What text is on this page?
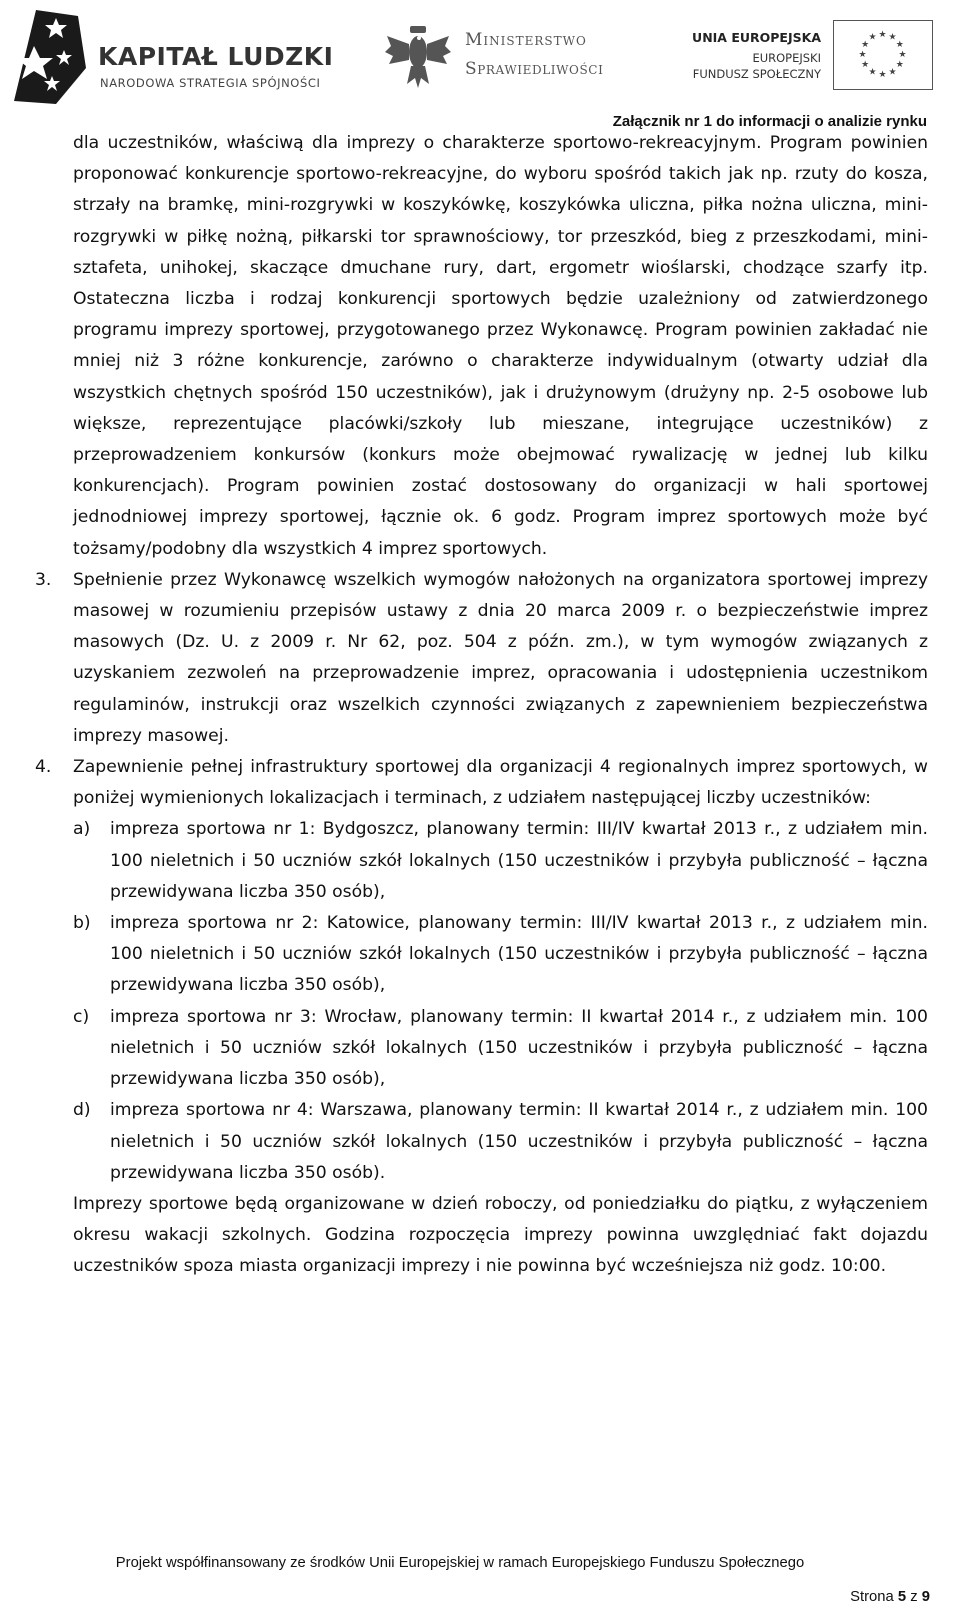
KAPITAŁ LUDZKI
NARODOWA STRATEGIA SPÓJNOŚCI
Ministerstwo
Sprawiedliwości
UNIA EUROPEJSKA
EUROPEJSKI
FUNDUSZ SPOŁECZNY
★ ★
★
★
★
★
★
★
★
★
★
★
Załącznik nr 1 do informacji o analizie rynku

dla uczestników, właściwą dla imprezy o charakterze sportowo-rekreacyjnym. Program powinien proponować konkurencje sportowo-rekreacyjne, do wyboru spośród takich jak np. rzuty do kosza, strzały na bramkę, mini-rozgrywki w koszykówkę, koszykówka uliczna, piłka nożna uliczna, mini-rozgrywki w piłkę nożną, piłkarski tor sprawnościowy, tor przeszkód, bieg z przeszkodami, mini-sztafeta, unihokej, skaczące dmuchane rury, dart, ergometr wioślarski, chodzące szarfy itp. Ostateczna liczba i rodzaj konkurencji sportowych będzie uzależniony od zatwierdzonego programu imprezy sportowej, przygotowanego przez Wykonawcę. Program powinien zakładać nie mniej niż 3 różne konkurencje, zarówno o charakterze indywidualnym (otwarty udział dla wszystkich chętnych spośród 150 uczestników), jak i drużynowym (drużyny np. 2-5 osobowe lub większe, reprezentujące placówki/szkoły lub mieszane, integrujące uczestników) z przeprowadzeniem konkursów (konkurs może obejmować rywalizację w jednej lub kilku konkurencjach). Program powinien zostać dostosowany do organizacji w hali sportowej jednodniowej imprezy sportowej, łącznie ok. 6 godz. Program imprez sportowych może być tożsamy/podobny dla wszystkich 4 imprez sportowych.

3. Spełnienie przez Wykonawcę wszelkich wymogów nałożonych na organizatora sportowej imprezy masowej w rozumieniu przepisów ustawy z dnia 20 marca 2009 r. o bezpieczeństwie imprez masowych (Dz. U. z 2009 r. Nr 62, poz. 504 z późn. zm.), w tym wymogów związanych z uzyskaniem zezwoleń na przeprowadzenie imprez, opracowania i udostępnienia uczestnikom regulaminów, instrukcji oraz wszelkich czynności związanych z zapewnieniem bezpieczeństwa imprezy masowej.
4. Zapewnienie pełnej infrastruktury sportowej dla organizacji 4 regionalnych imprez sportowych, w poniżej wymienionych lokalizacjach i terminach, z udziałem następującej liczby uczestników:
a) impreza sportowa nr 1: Bydgoszcz, planowany termin: III/IV kwartał 2013 r., z udziałem min. 100 nieletnich i 50 uczniów szkół lokalnych (150 uczestników i przybyła publiczność – łączna przewidywana liczba 350 osób),
b) impreza sportowa nr 2: Katowice, planowany termin: III/IV kwartał 2013 r., z udziałem min. 100 nieletnich i 50 uczniów szkół lokalnych (150 uczestników i przybyła publiczność – łączna przewidywana liczba 350 osób),
c) impreza sportowa nr 3: Wrocław, planowany termin: II kwartał 2014 r., z udziałem min. 100 nieletnich i 50 uczniów szkół lokalnych (150 uczestników i przybyła publiczność – łączna przewidywana liczba 350 osób),
d) impreza sportowa nr 4: Warszawa, planowany termin: II kwartał 2014 r., z udziałem min. 100 nieletnich i 50 uczniów szkół lokalnych (150 uczestników i przybyła publiczność – łączna przewidywana liczba 350 osób).

Imprezy sportowe będą organizowane w dzień roboczy, od poniedziałku do piątku, z wyłączeniem okresu wakacji szkolnych. Godzina rozpoczęcia imprezy powinna uwzględniać fakt dojazdu uczestników spoza miasta organizacji imprezy i nie powinna być wcześniejsza niż godz. 10:00.

Projekt współfinansowany ze środków Unii Europejskiej w ramach Europejskiego Funduszu Społecznego
Strona 5 z 9
